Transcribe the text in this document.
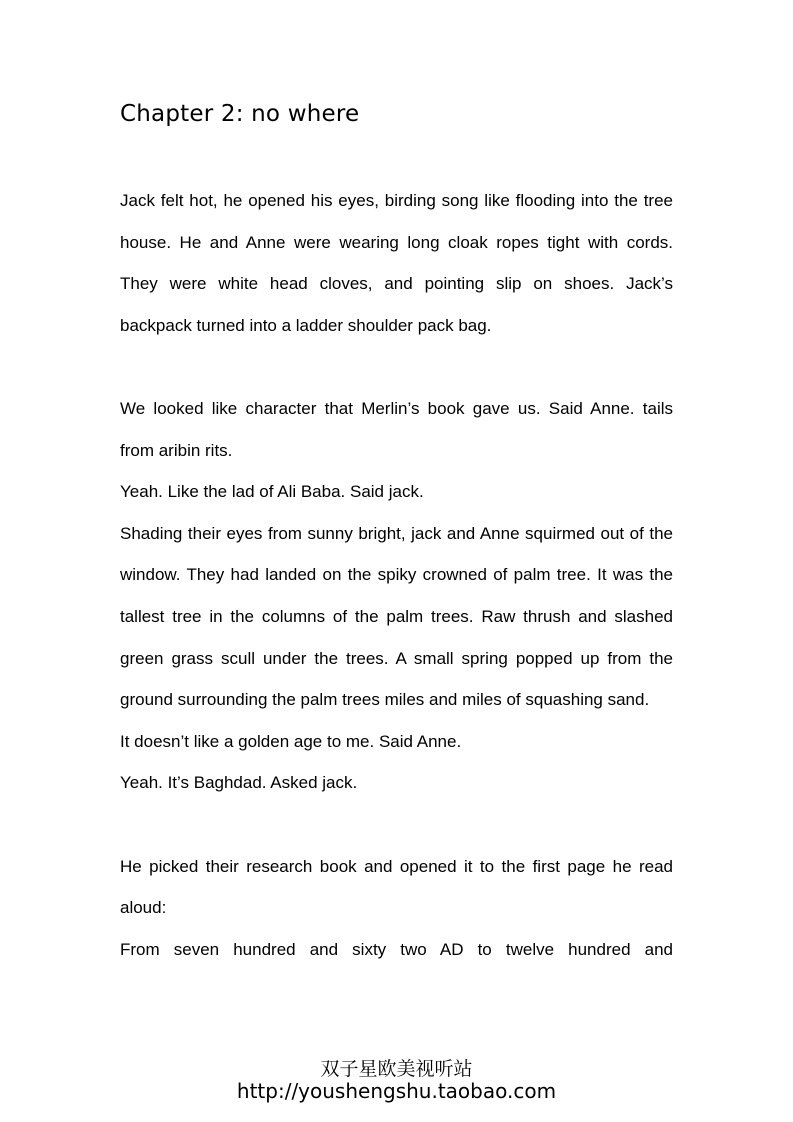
Chapter 2: no where

Jack felt hot, he opened his eyes, birding song like flooding into the tree house. He and Anne were wearing long cloak ropes tight with cords. They were white head cloves, and pointing slip on shoes. Jack’s backpack turned into a ladder shoulder pack bag.

We looked like character that Merlin’s book gave us. Said Anne. tails from aribin rits.

Yeah. Like the lad of Ali Baba. Said jack.

Shading their eyes from sunny bright, jack and Anne squirmed out of the window. They had landed on the spiky crowned of palm tree. It was the tallest tree in the columns of the palm trees. Raw thrush and slashed green grass scull under the trees. A small spring popped up from the ground surrounding the palm trees miles and miles of squashing sand.

It doesn’t like a golden age to me. Said Anne.

Yeah. It’s Baghdad. Asked jack.

He picked their research book and opened it to the first page he read aloud:

From seven hundred and sixty two AD to twelve hundred and

双子星欧美视听站
http://youshengshu.taobao.com
